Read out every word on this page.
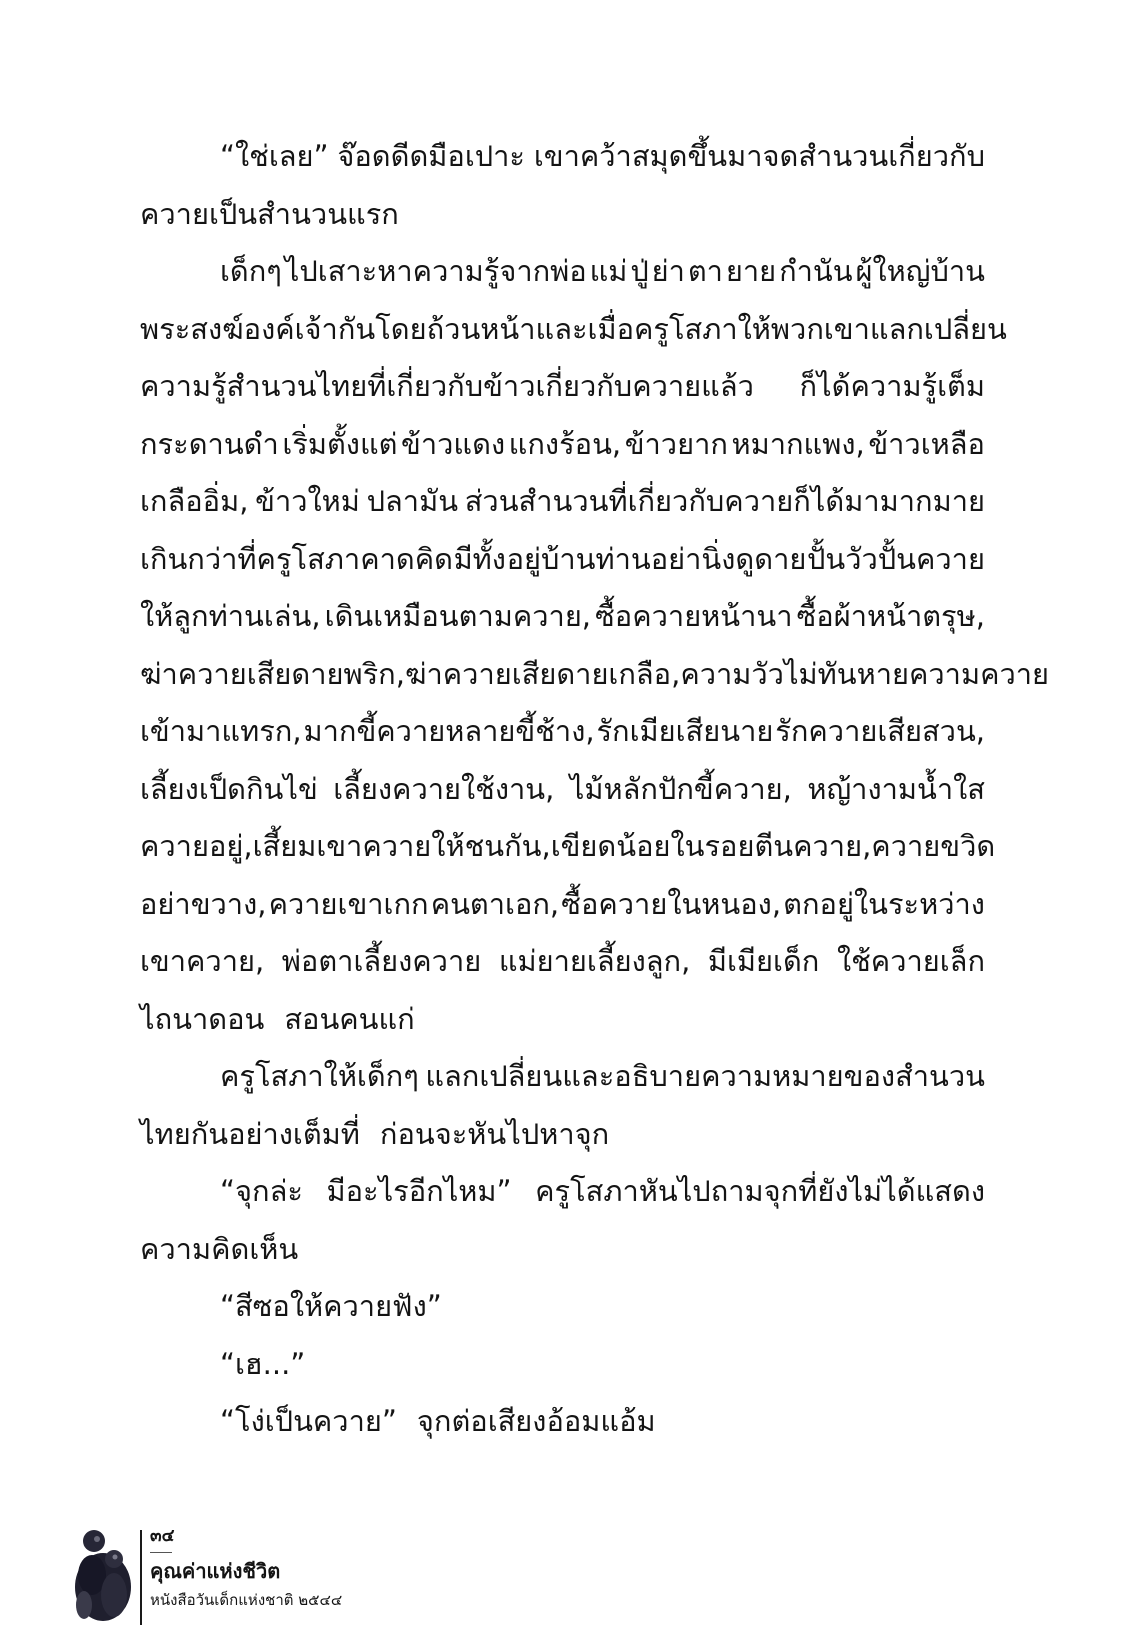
“ใช่เลย” จ๊อดดีดมือเปาะ เขาคว้าสมุดขึ้นมาจดสำนวนเกี่ยวกับ
ควายเป็นสำนวนแรก
เด็กๆ ไปเสาะหาความรู้จากพ่อ แม่ ปู่ ย่า ตา ยาย กำนัน ผู้ใหญ่บ้าน
พระสงฆ์องค์เจ้ากันโดยถ้วนหน้า และเมื่อครูโสภาให้พวกเขาแลกเปลี่ยน
ความรู้สำนวนไทยที่เกี่ยวกับข้าวเกี่ยวกับควายแล้ว ก็ได้ความรู้เต็ม
กระดานดำ เริ่มตั้งแต่ ข้าวแดง แกงร้อน, ข้าวยาก หมากแพง, ข้าวเหลือ
เกลืออิ่ม, ข้าวใหม่ ปลามัน ส่วนสำนวนที่เกี่ยวกับควายก็ได้มามากมาย
เกินกว่าที่ครูโสภาคาดคิด มีทั้ง อยู่บ้านท่านอย่านิ่งดูดาย ปั้นวัวปั้นควาย
ให้ลูกท่านเล่น, เดินเหมือนตามควาย, ซื้อควายหน้านา ซื้อผ้าหน้าตรุษ,
ฆ่าควายเสียดายพริก, ฆ่าควายเสียดายเกลือ, ความวัวไม่ทันหาย ความควาย
เข้ามาแทรก, มากขี้ควายหลายขี้ช้าง, รักเมียเสียนาย รักควายเสียสวน,
เลี้ยงเป็ดกินไข่ เลี้ยงควายใช้งาน, ไม้หลักปักขี้ควาย, หญ้างามน้ำใส
ควายอยู่, เสี้ยมเขาควายให้ชนกัน, เขียดน้อยในรอยตีนควาย, ควายขวิด
อย่าขวาง, ควายเขาเกก คนตาเอก, ซื้อควายในหนอง, ตกอยู่ในระหว่าง
เขาควาย, พ่อตาเลี้ยงควาย แม่ยายเลี้ยงลูก, มีเมียเด็ก ใช้ควายเล็ก
ไถนาดอน สอนคนแก่
ครูโสภาให้เด็กๆ แลกเปลี่ยนและอธิบายความหมายของสำนวน
ไทยกันอย่างเต็มที่ ก่อนจะหันไปหาจุก
“จุกล่ะ มีอะไรอีกไหม” ครูโสภาหันไปถามจุกที่ยังไม่ได้แสดง
ความคิดเห็น
“สีซอให้ควายฟัง”
“เฮ...”
“โง่เป็นควาย” จุกต่อเสียงอ้อมแอ้ม
๓๔
คุณค่าแห่งชีวิต
หนังสือวันเด็กแห่งชาติ ๒๕๔๔
